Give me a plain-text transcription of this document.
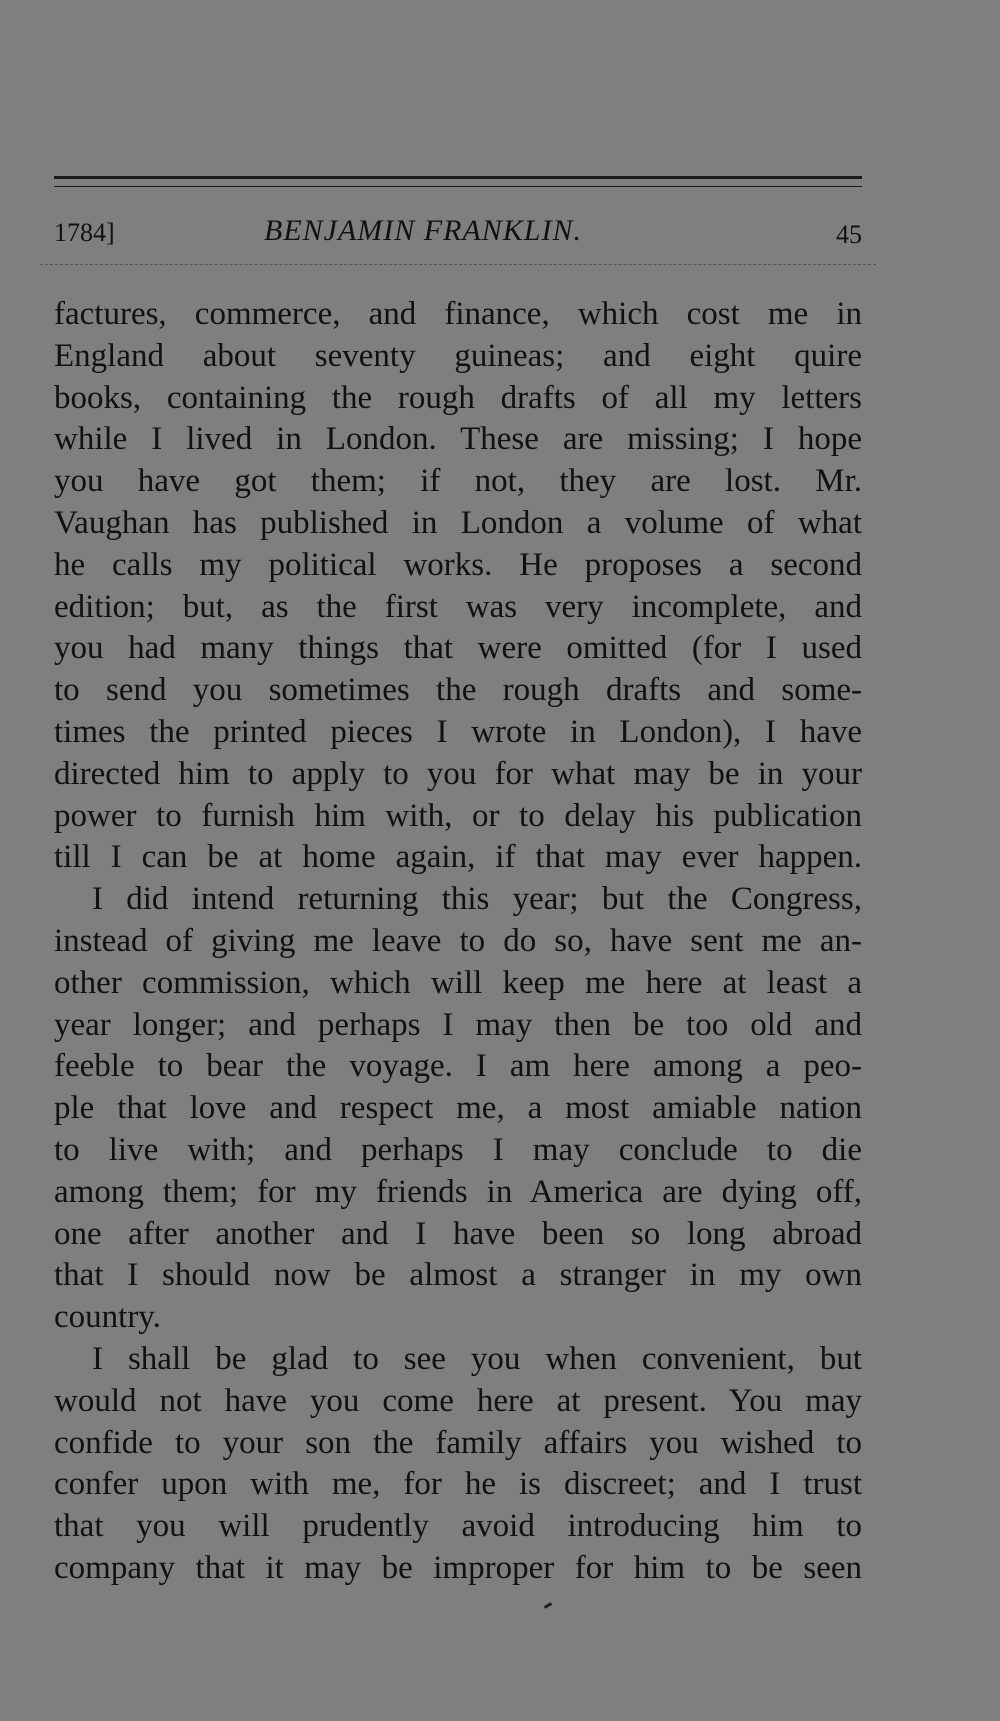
1784]	BENJAMIN FRANKLIN.	45
factures, commerce, and finance, which cost me in
England about seventy guineas; and eight quire
books, containing the rough drafts of all my letters
while I lived in London. These are missing; I hope
you have got them; if not, they are lost. Mr.
Vaughan has published in London a volume of what
he calls my political works. He proposes a second
edition; but, as the first was very incomplete, and
you had many things that were omitted (for I used
to send you sometimes the rough drafts and some-
times the printed pieces I wrote in London), I have
directed him to apply to you for what may be in your
power to furnish him with, or to delay his publication
till I can be at home again, if that may ever happen.
I did intend returning this year; but the Congress,
instead of giving me leave to do so, have sent me an-
other commission, which will keep me here at least a
year longer; and perhaps I may then be too old and
feeble to bear the voyage. I am here among a peo-
ple that love and respect me, a most amiable nation
to live with; and perhaps I may conclude to die
among them; for my friends in America are dying off,
one after another and I have been so long abroad
that I should now be almost a stranger in my own
country.
I shall be glad to see you when convenient, but
would not have you come here at present. You may
confide to your son the family affairs you wished to
confer upon with me, for he is discreet; and I trust
that you will prudently avoid introducing him to
company that it may be improper for him to be seen
